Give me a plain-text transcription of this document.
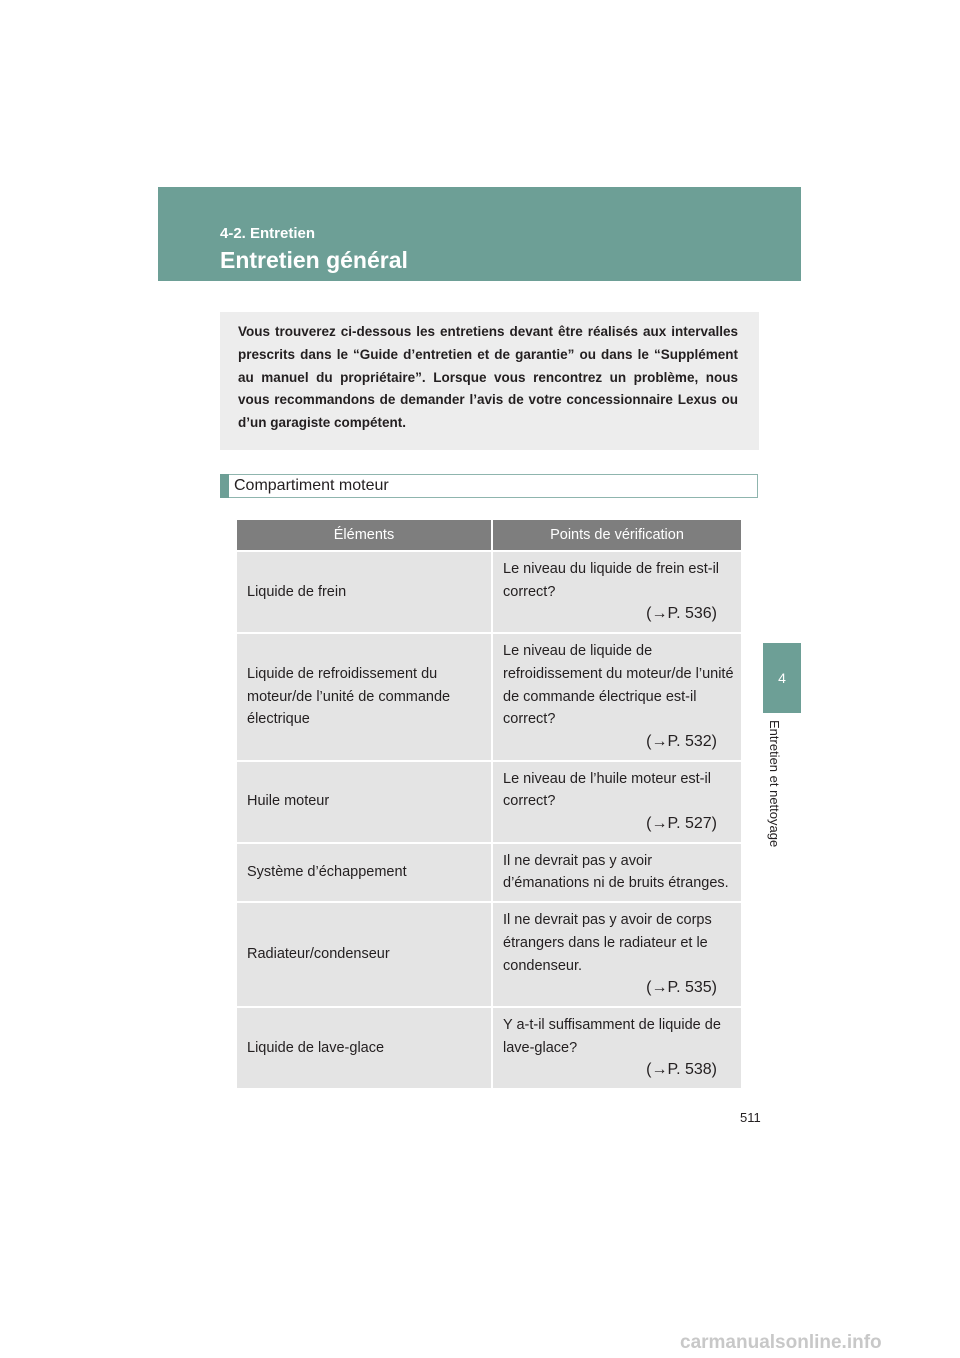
4-2. Entretien
Entretien général
4
Entretien et nettoyage
Vous trouverez ci-dessous les entretiens devant être réalisés aux intervalles prescrits dans le “Guide d’entretien et de garantie” ou dans le “Supplément au manuel du propriétaire”. Lorsque vous rencontrez un problème, nous vous recommandons de demander l’avis de votre concessionnaire Lexus ou d’un garagiste compétent.
Compartiment moteur
Éléments	Points de vérification
Liquide de frein	Le niveau du liquide de frein est-il correct?
(→P. 536)

Liquide de refroidissement du moteur/de l’unité de commande électrique	Le niveau de liquide de refroidissement du moteur/de l’unité de commande électrique est-il correct?
(→P. 532)

Huile moteur	Le niveau de l’huile moteur est-il correct?
(→P. 527)

Système d’échappement	Il ne devrait pas y avoir d’émanations ni de bruits étranges.
Radiateur/condenseur	Il ne devrait pas y avoir de corps étrangers dans le radiateur et le condenseur.
(→P. 535)

Liquide de lave-glace	Y a-t-il suffisamment de liquide de lave-glace?
(→P. 538)
511
carmanualsonline.info
